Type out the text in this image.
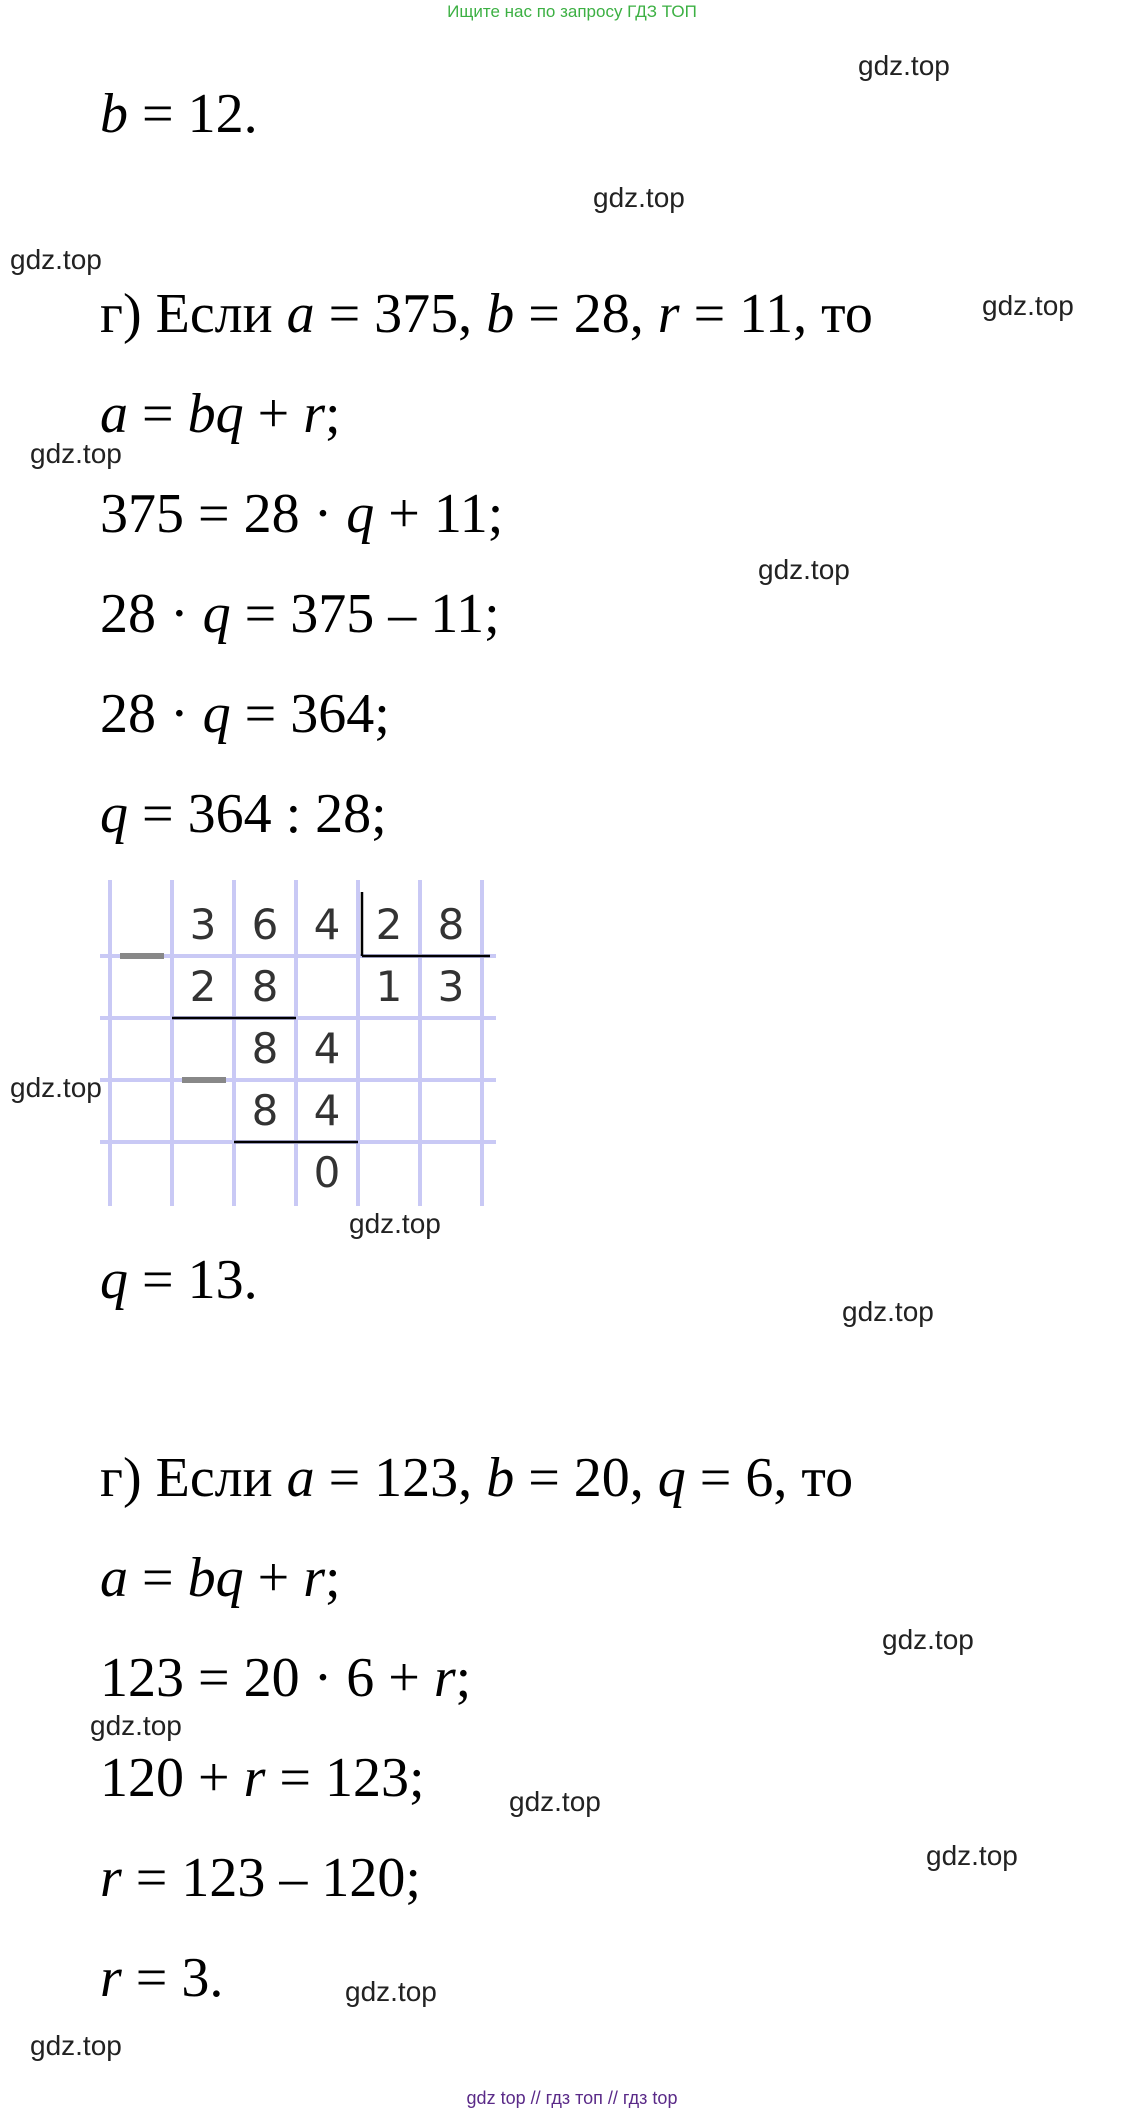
Ищите нас по запросу ГДЗ ТОП
b = 12.
г) Если a = 375, b = 28, r = 11, то
a = bq + r;
375 = 28 · q + 11;
28 · q = 375 – 11;
28 · q = 364;
q = 364 : 28;
3 6 4 2 8
2 8	1 3
8 4
8 4
0
q = 13.
г) Если a = 123, b = 20, q = 6, то
a = bq + r;
123 = 20 · 6 + r;
120 + r = 123;
r = 123 – 120;
r = 3.
gdz.top
gdz.top
gdz.top
gdz.top
gdz.top
gdz.top
gdz.top
gdz.top
gdz.top
gdz.top
gdz.top
gdz.top
gdz.top
gdz.top
gdz.top
gdz top // гдз топ // гдз top
